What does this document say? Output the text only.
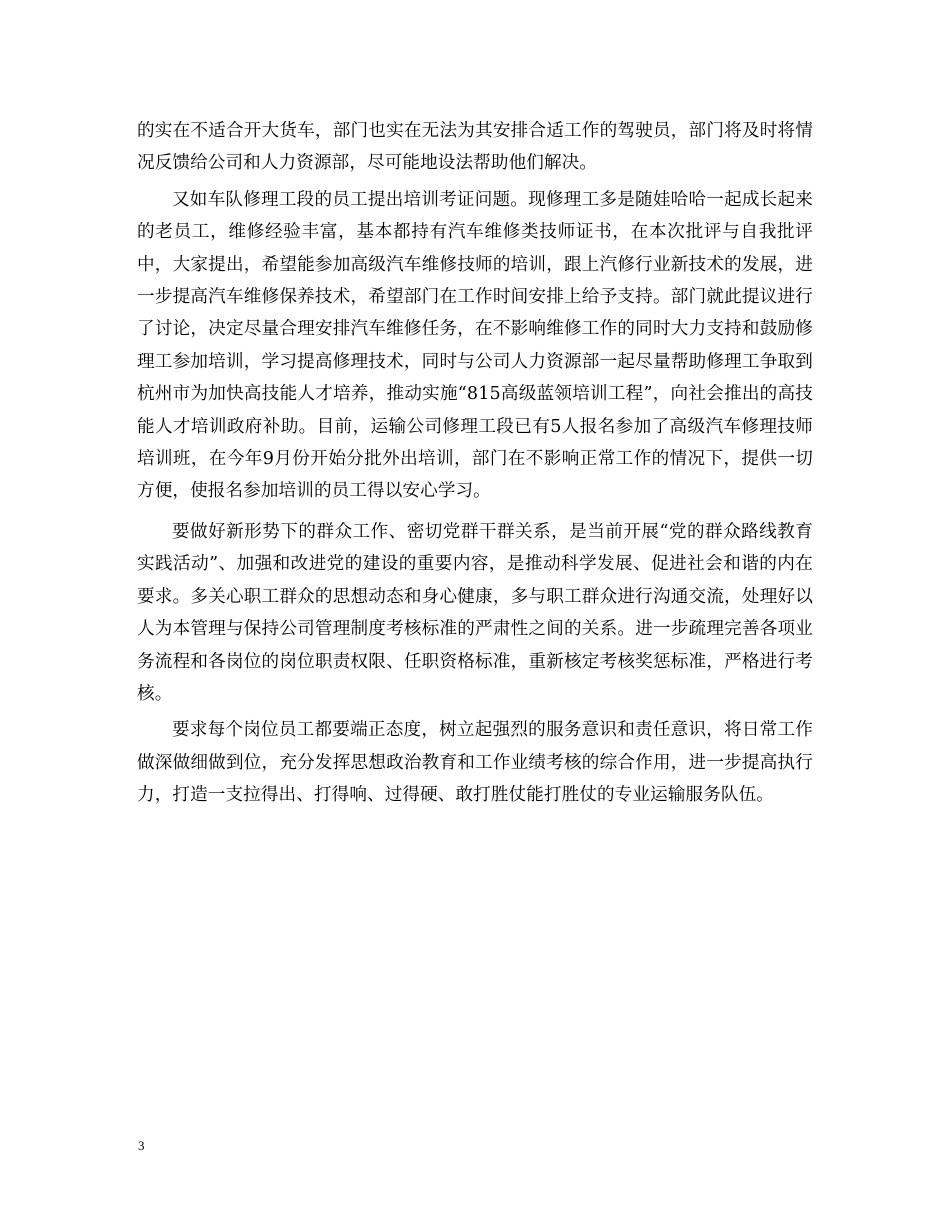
的实在不适合开大货车，部门也实在无法为其安排合适工作的驾驶员，部门将及时将情况反馈给公司和人力资源部，尽可能地设法帮助他们解决。

又如车队修理工段的员工提出培训考证问题。现修理工多是随娃哈哈一起成长起来的老员工，维修经验丰富，基本都持有汽车维修类技师证书，在本次批评与自我批评中，大家提出，希望能参加高级汽车维修技师的培训，跟上汽修行业新技术的发展，进一步提高汽车维修保养技术，希望部门在工作时间安排上给予支持。部门就此提议进行了讨论，决定尽量合理安排汽车维修任务，在不影响维修工作的同时大力支持和鼓励修理工参加培训，学习提高修理技术，同时与公司人力资源部一起尽量帮助修理工争取到杭州市为加快高技能人才培养，推动实施“815高级蓝领培训工程”，向社会推出的高技能人才培训政府补助。目前，运输公司修理工段已有5人报名参加了高级汽车修理技师培训班，在今年9月份开始分批外出培训，部门在不影响正常工作的情况下，提供一切方便，使报名参加培训的员工得以安心学习。

要做好新形势下的群众工作、密切党群干群关系，是当前开展“党的群众路线教育实践活动”、加强和改进党的建设的重要内容，是推动科学发展、促进社会和谐的内在要求。多关心职工群众的思想动态和身心健康，多与职工群众进行沟通交流，处理好以人为本管理与保持公司管理制度考核标准的严肃性之间的关系。进一步疏理完善各项业务流程和各岗位的岗位职责权限、任职资格标准，重新核定考核奖惩标准，严格进行考核。

要求每个岗位员工都要端正态度，树立起强烈的服务意识和责任意识，将日常工作做深做细做到位，充分发挥思想政治教育和工作业绩考核的综合作用，进一步提高执行力，打造一支拉得出、打得响、过得硬、敢打胜仗能打胜仗的专业运输服务队伍。

3
